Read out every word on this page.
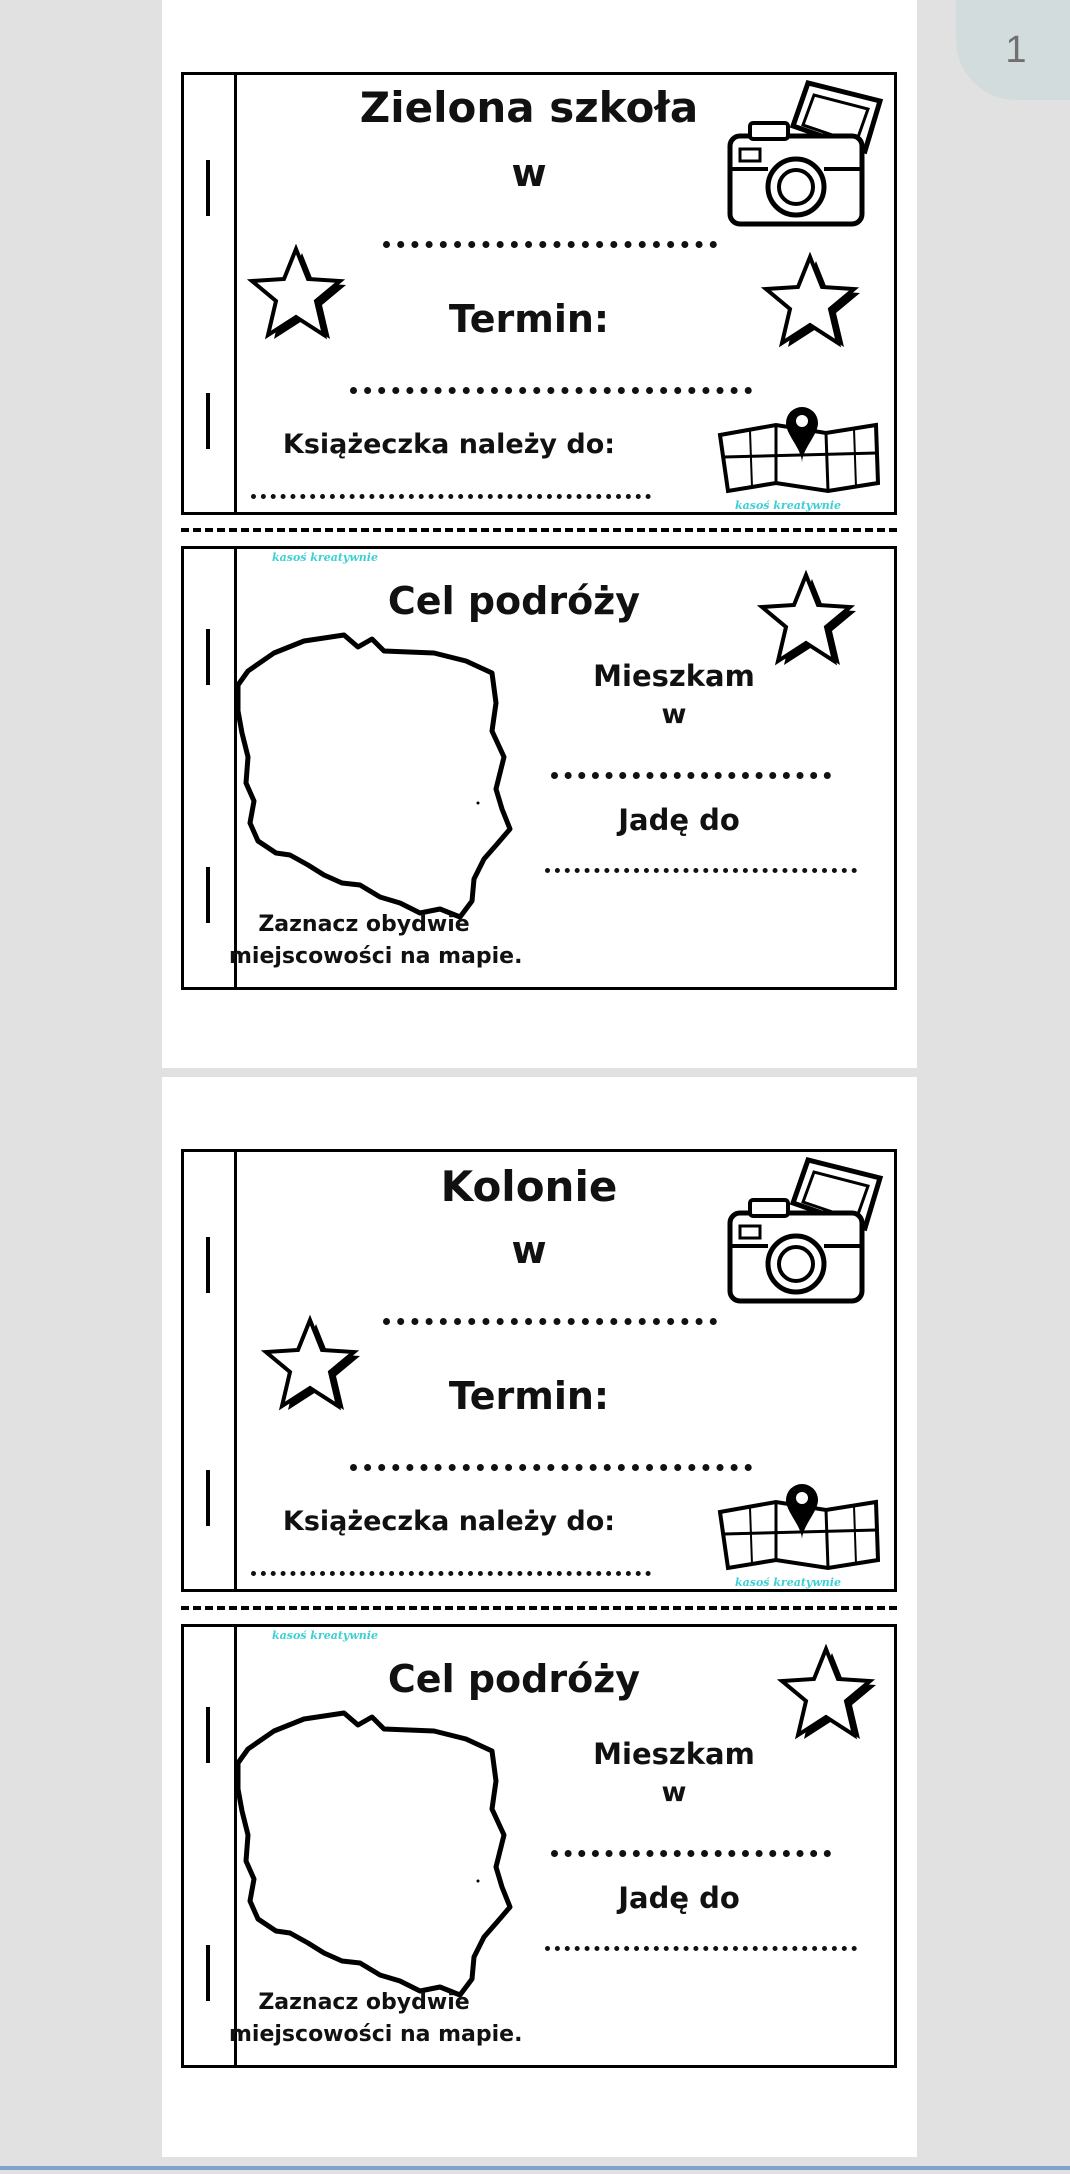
1
Zielona szkoła
w
Termin:
Książeczka należy do:
kasoś kreatywnie
kasoś kreatywnie
Cel podróży
Zaznacz obydwie
miejscowości na mapie.
Mieszkam
w
Jadę do
Kolonie
w
Termin:
Książeczka należy do:
kasoś kreatywnie
kasoś kreatywnie
Cel podróży
Zaznacz obydwie
miejscowości na mapie.
Mieszkam
w
Jadę do
